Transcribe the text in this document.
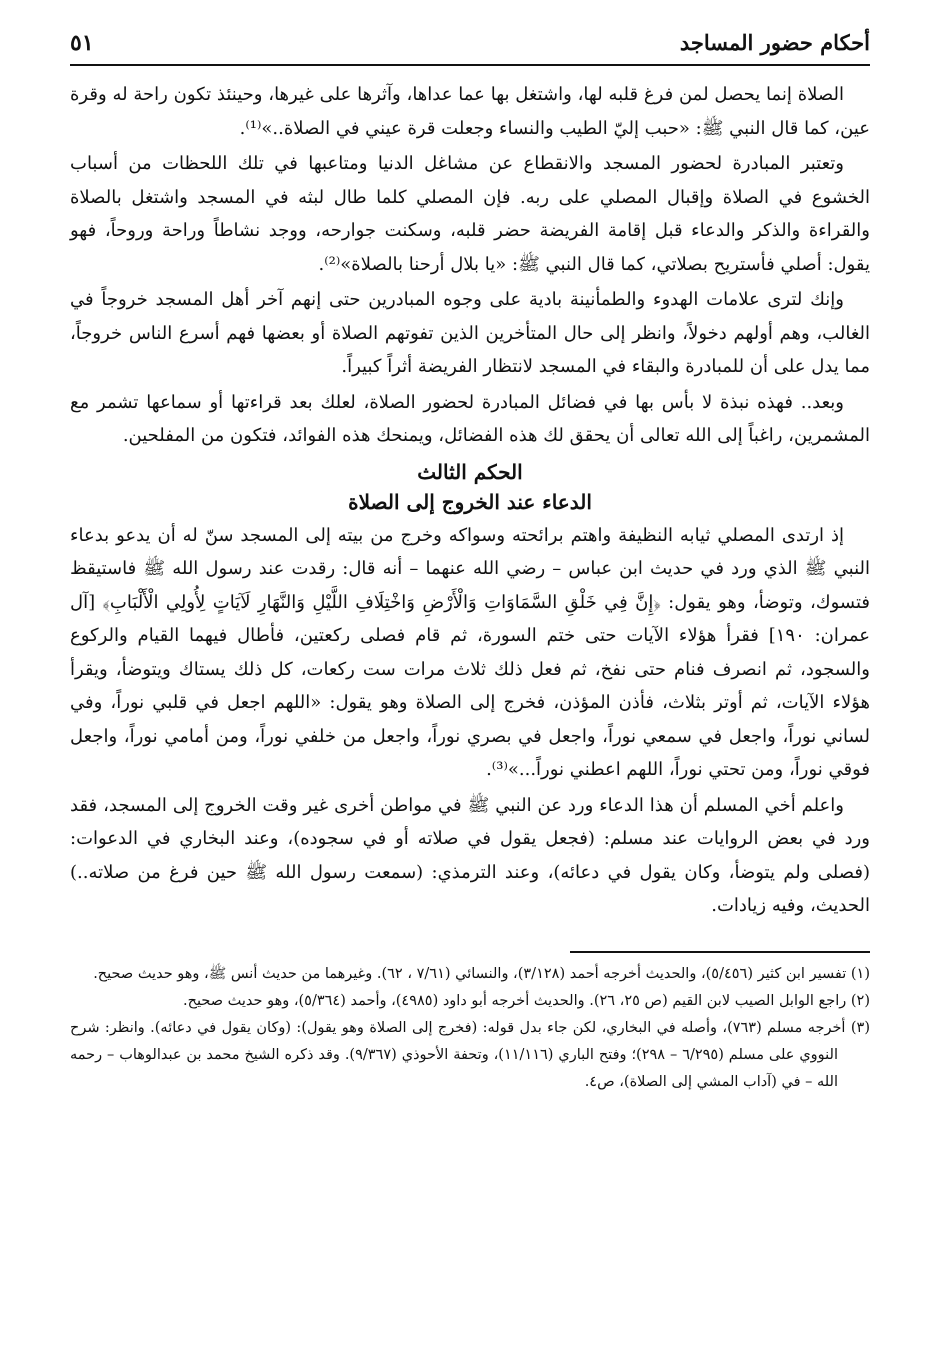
أحكام حضور المساجد
٥١

الصلاة إنما يحصل لمن فرغ قلبه لها، واشتغل بها عما عداها، وآثرها على غيرها، وحينئذ تكون راحة له وقرة عين، كما قال النبي ﷺ: «حبب إليّ الطيب والنساء وجعلت قرة عيني في الصلاة..»⁽¹⁾.

وتعتبر المبادرة لحضور المسجد والانقطاع عن مشاغل الدنيا ومتاعبها في تلك اللحظات من أسباب الخشوع في الصلاة وإقبال المصلي على ربه. فإن المصلي كلما طال لبثه في المسجد واشتغل بالصلاة والقراءة والذكر والدعاء قبل إقامة الفريضة حضر قلبه، وسكنت جوارحه، ووجد نشاطاً وراحة وروحاً، فهو يقول: أصلي فأستريح بصلاتي، كما قال النبي ﷺ: «يا بلال أرحنا بالصلاة»⁽²⁾.

وإنك لترى علامات الهدوء والطمأنينة بادية على وجوه المبادرين حتى إنهم آخر أهل المسجد خروجاً في الغالب، وهم أولهم دخولاً، وانظر إلى حال المتأخرين الذين تفوتهم الصلاة أو بعضها فهم أسرع الناس خروجاً، مما يدل على أن للمبادرة والبقاء في المسجد لانتظار الفريضة أثراً كبيراً.

وبعد.. فهذه نبذة لا بأس بها في فضائل المبادرة لحضور الصلاة، لعلك بعد قراءتها أو سماعها تشمر مع المشمرين، راغباً إلى الله تعالى أن يحقق لك هذه الفضائل، ويمنحك هذه الفوائد، فتكون من المفلحين.

الحكم الثالث
الدعاء عند الخروج إلى الصلاة

إذ ارتدى المصلي ثيابه النظيفة واهتم برائحته وسواكه وخرج من بيته إلى المسجد سنّ له أن يدعو بدعاء النبي ﷺ الذي ورد في حديث ابن عباس – رضي الله عنهما – أنه قال: رقدت عند رسول الله ﷺ فاستيقظ فتسوك، وتوضأ، وهو يقول: ﴿إِنَّ فِي خَلْقِ السَّمَاوَاتِ وَالْأَرْضِ وَاخْتِلَافِ اللَّيْلِ وَالنَّهَارِ لَآيَاتٍ لِأُولِي الْأَلْبَابِ﴾ [آل عمران: ١٩٠] فقرأ هؤلاء الآيات حتى ختم السورة، ثم قام فصلى ركعتين، فأطال فيهما القيام والركوع والسجود، ثم انصرف فنام حتى نفخ، ثم فعل ذلك ثلاث مرات ست ركعات، كل ذلك يستاك ويتوضأ، ويقرأ هؤلاء الآيات، ثم أوتر بثلاث، فأذن المؤذن، فخرج إلى الصلاة وهو يقول: «اللهم اجعل في قلبي نوراً، وفي لساني نوراً، واجعل في سمعي نوراً، واجعل في بصري نوراً، واجعل من خلفي نوراً، ومن أمامي نوراً، واجعل فوقي نوراً، ومن تحتي نوراً، اللهم اعطني نوراً...»⁽³⁾.

واعلم أخي المسلم أن هذا الدعاء ورد عن النبي ﷺ في مواطن أخرى غير وقت الخروج إلى المسجد، فقد ورد في بعض الروايات عند مسلم: (فجعل يقول في صلاته أو في سجوده)، وعند البخاري في الدعوات: (فصلى ولم يتوضأ، وكان يقول في دعائه)، وعند الترمذي: (سمعت رسول الله ﷺ حين فرغ من صلاته..) الحديث، وفيه زيادات.

(١) تفسير ابن كثير (٥/٤٥٦)، والحديث أخرجه أحمد (٣/١٢٨)، والنسائي (٧/٦١ ، ٦٢). وغيرهما من حديث أنس ﷺ، وهو حديث صحيح.
(٢) راجع الوابل الصيب لابن القيم (ص ٢٥، ٢٦). والحديث أخرجه أبو داود (٤٩٨٥)، وأحمد (٥/٣٦٤)، وهو حديث صحيح.
(٣) أخرجه مسلم (٧٦٣)، وأصله في البخاري، لكن جاء بدل قوله: (فخرج إلى الصلاة وهو يقول): (وكان يقول في دعائه). وانظر: شرح النووي على مسلم (٦/٢٩٥ – ٢٩٨)؛ وفتح الباري (١١/١١٦)، وتحفة الأحوذي (٩/٣٦٧). وقد ذكره الشيخ محمد بن عبدالوهاب – رحمه الله – في (آداب المشي إلى الصلاة)، ص٤.
